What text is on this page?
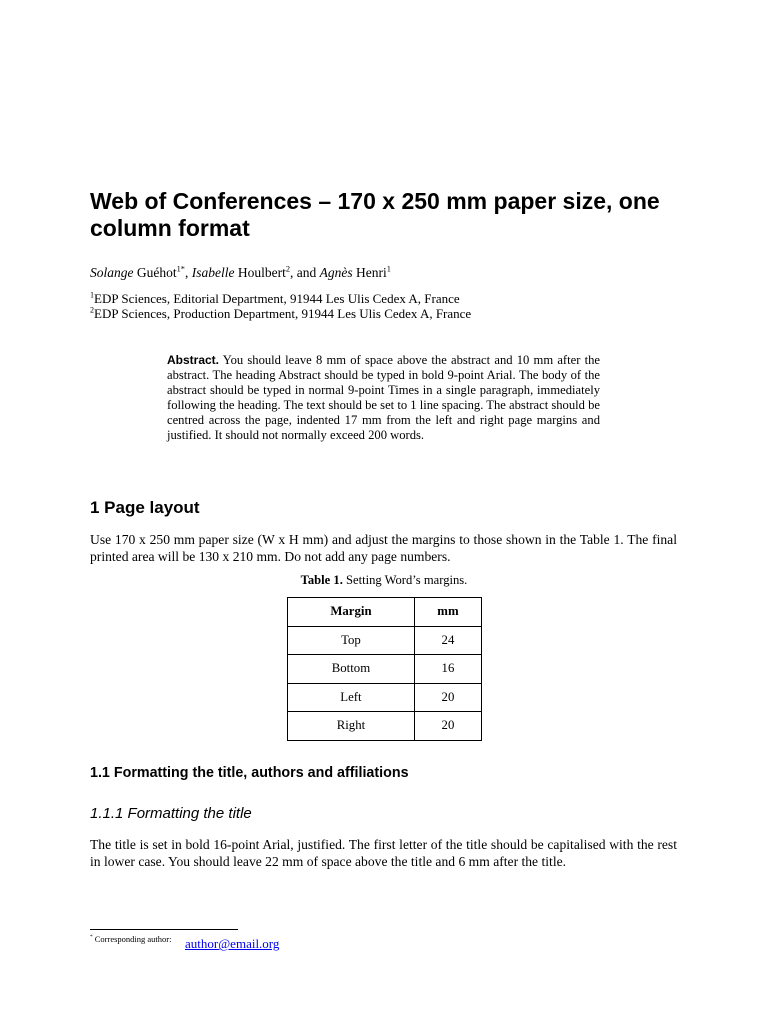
Web of Conferences – 170 x 250 mm paper size, one column format
Solange Guéhot$^{1*}$, Isabelle Houlbert$^2$, and Agnès Henri$^1$
$^1$EDP Sciences, Editorial Department, 91944 Les Ulis Cedex A, France
$^2$EDP Sciences, Production Department, 91944 Les Ulis Cedex A, France
Abstract. You should leave 8 mm of space above the abstract and 10 mm after the abstract. The heading Abstract should be typed in bold 9-point Arial. The body of the abstract should be typed in normal 9-point Times in a single paragraph, immediately following the heading. The text should be set to 1 line spacing. The abstract should be centred across the page, indented 17 mm from the left and right page margins and justified. It should not normally exceed 200 words.
1 Page layout
Use 170 x 250 mm paper size (W x H mm) and adjust the margins to those shown in the Table 1. The final printed area will be 130 x 210 mm. Do not add any page numbers.
Table 1. Setting Word’s margins.
Margin	mm
Top	24
Bottom	16
Left	20
Right	20
1.1 Formatting the title, authors and affiliations
1.1.1 Formatting the title
The title is set in bold 16-point Arial, justified. The first letter of the title should be capitalised with the rest in lower case. You should leave 22 mm of space above the title and 6 mm after the title.
* Corresponding author: author@email.org
